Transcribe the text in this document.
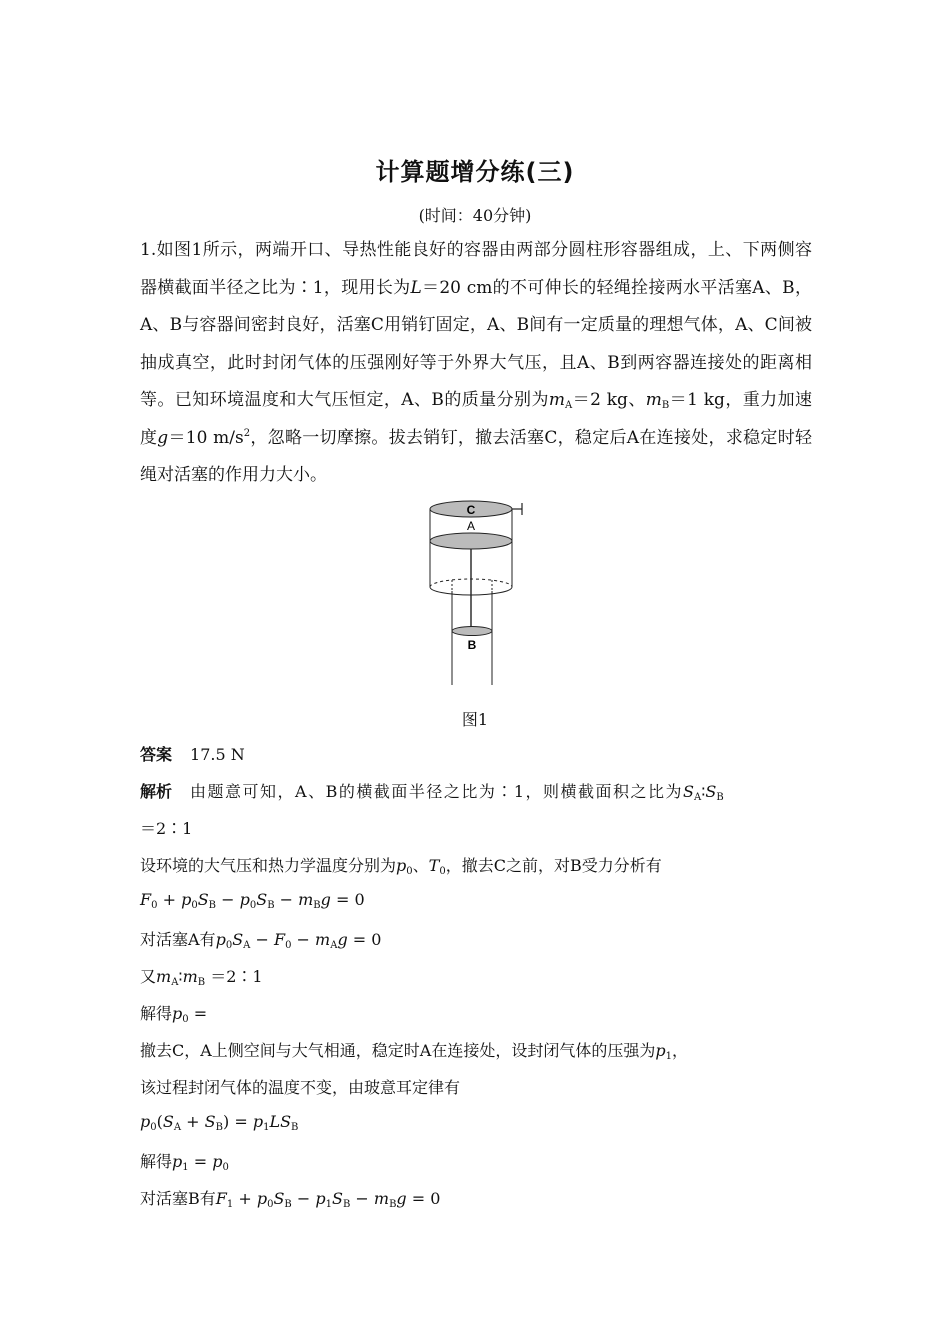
计算题增分练(三)
(时间：40分钟)

1.如图1所示，两端开口、导热性能良好的容器由两部分圆柱形容器组成，上、下两侧容器横截面半径之比为∶1，现用长为L＝20 cm的不可伸长的轻绳拴接两水平活塞A、B，A、B与容器间密封良好，活塞C用销钉固定，A、B间有一定质量的理想气体，A、C间被抽成真空，此时封闭气体的压强刚好等于外界大气压，且A、B到两容器连接处的距离相等。已知环境温度和大气压恒定，A、B的质量分别为$m_A=2$ kg、$m_B=1$ kg，重力加速度g＝10 $m/s^2$，忽略一切摩擦。拔去销钉，撤去活塞C，稳定后A在连接处，求稳定时轻绳对活塞的作用力大小。

C
A
B
图1
答案 17.5 N
解析 由题意可知，A、B的横截面半径之比为∶1，则横截面积之比为$S_A∶S_B$
＝2∶1
设环境的大气压和热力学温度分别为$p_0$、$T_0$，撤去C之前，对B受力分析有
$F_0 + p_0S_B - p_0S_B - m_Bg = 0$
对活塞A有$p_0S_A - F_0 - m_Ag = 0$
又$m_A∶m_B$ ＝2∶1
解得$p_0$ =
撤去C，A上侧空间与大气相通，稳定时A在连接处，设封闭气体的压强为$p_1$，
该过程封闭气体的温度不变，由玻意耳定律有
$p_0(S_A + S_B) = p_1LS_B$
解得$p_1 = p_0$
对活塞B有$F_1 + p_0S_B - p_1S_B - m_Bg = 0$
